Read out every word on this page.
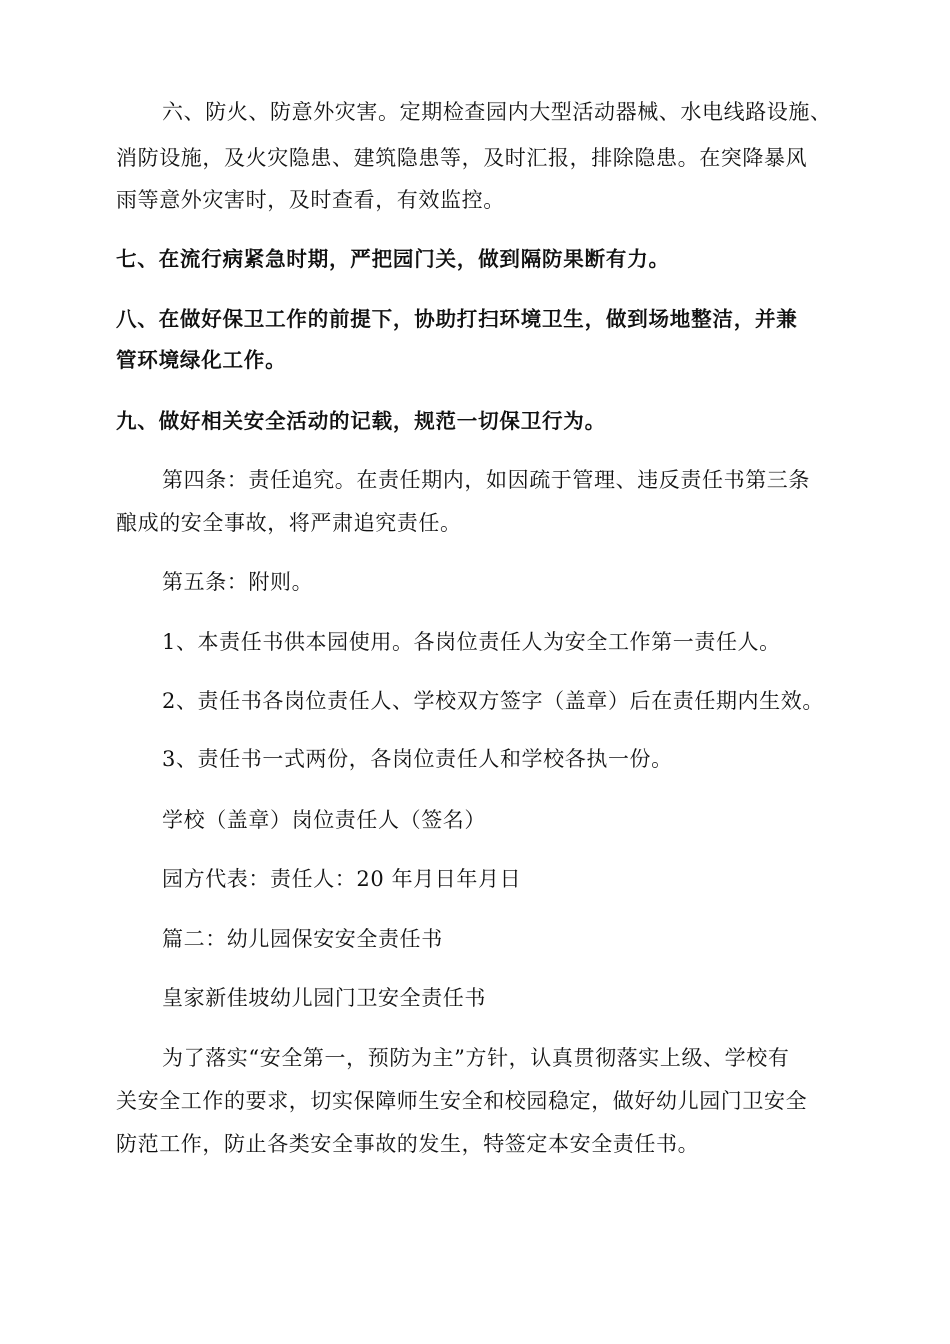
六、防火、防意外灾害。定期检查园内大型活动器械、水电线路设施、
消防设施，及火灾隐患、建筑隐患等，及时汇报，排除隐患。在突降暴风
雨等意外灾害时，及时查看，有效监控。
七、在流行病紧急时期，严把园门关，做到隔防果断有力。
八、在做好保卫工作的前提下，协助打扫环境卫生，做到场地整洁，并兼
管环境绿化工作。
九、做好相关安全活动的记载，规范一切保卫行为。
第四条：责任追究。在责任期内，如因疏于管理、违反责任书第三条
酿成的安全事故，将严肃追究责任。
第五条：附则。
1、本责任书供本园使用。各岗位责任人为安全工作第一责任人。
2、责任书各岗位责任人、学校双方签字（盖章）后在责任期内生效。
3、责任书一式两份，各岗位责任人和学校各执一份。
学校（盖章）岗位责任人（签名）
园方代表：责任人：20 年月日年月日
篇二：幼儿园保安安全责任书
皇家新佳坡幼儿园门卫安全责任书
为了落实“安全第一，预防为主”方针，认真贯彻落实上级、学校有
关安全工作的要求，切实保障师生安全和校园稳定，做好幼儿园门卫安全
防范工作，防止各类安全事故的发生，特签定本安全责任书。
